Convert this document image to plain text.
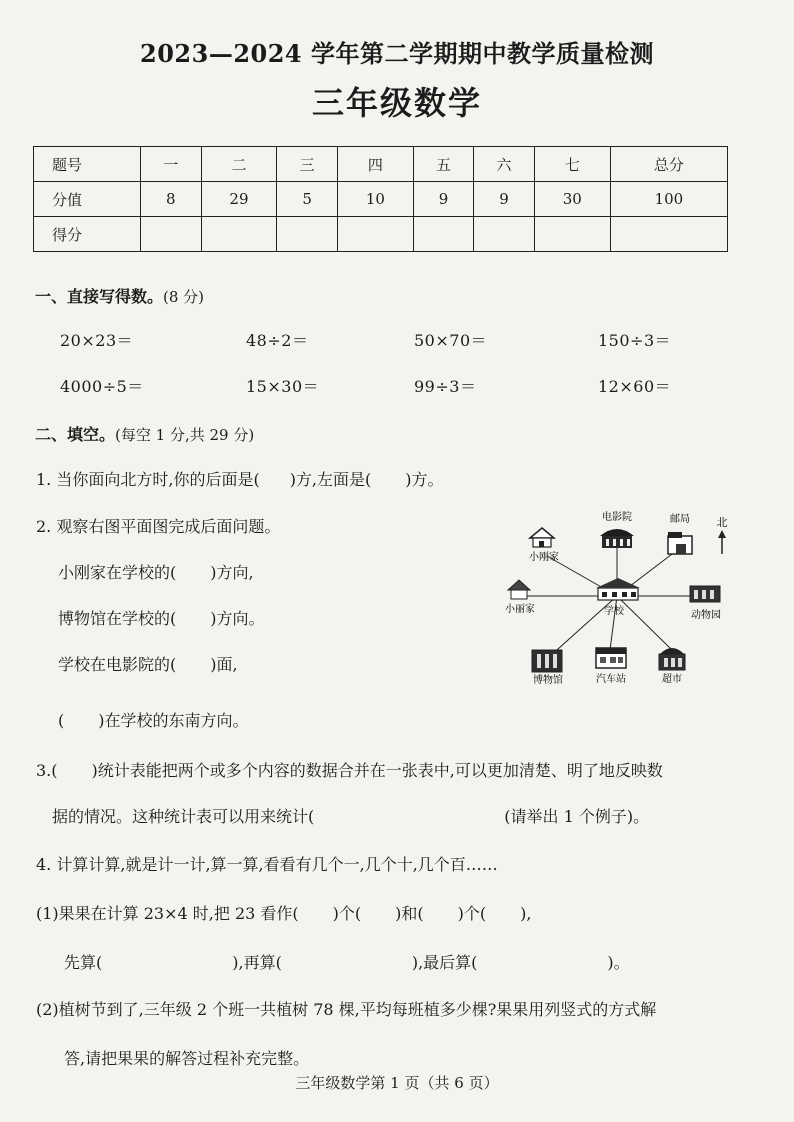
2023—2024 学年第二学期期中教学质量检测
三年级数学
题号	一	二	三	四	五	六	七	总分
分值	8	29	5	10	9	9	30	100
得分								
一、直接写得数。(8 分)
20×23＝	48÷2＝	50×70＝	150÷3＝
4000÷5＝	15×30＝	99÷3＝	12×60＝
二、填空。(每空 1 分,共 29 分)
1. 当你面向北方时,你的后面是( )方,左面是( )方。
2. 观察右图平面图完成后面问题。
小刚家在学校的( )方向,
博物馆在学校的( )方向。
学校在电影院的( )面,
( )在学校的东南方向。
电影院	邮局 北
小刚家
小丽家	学校	动物园
博物馆	汽车站	超市
3.( )统计表能把两个或多个内容的数据合并在一张表中,可以更加清楚、明了地反映数
据的情况。这种统计表可以用来统计(	(请举出 1 个例子)。
4. 计算计算,就是计一计,算一算,看看有几个一,几个十,几个百……
(1)果果在计算 23×4 时,把 23 看作( )个( )和( )个( ),
先算(	),再算(	),最后算(	)。
(2)植树节到了,三年级 2 个班一共植树 78 棵,平均每班植多少棵?果果用列竖式的方式解
答,请把果果的解答过程补充完整。
三年级数学第 1 页（共 6 页）
